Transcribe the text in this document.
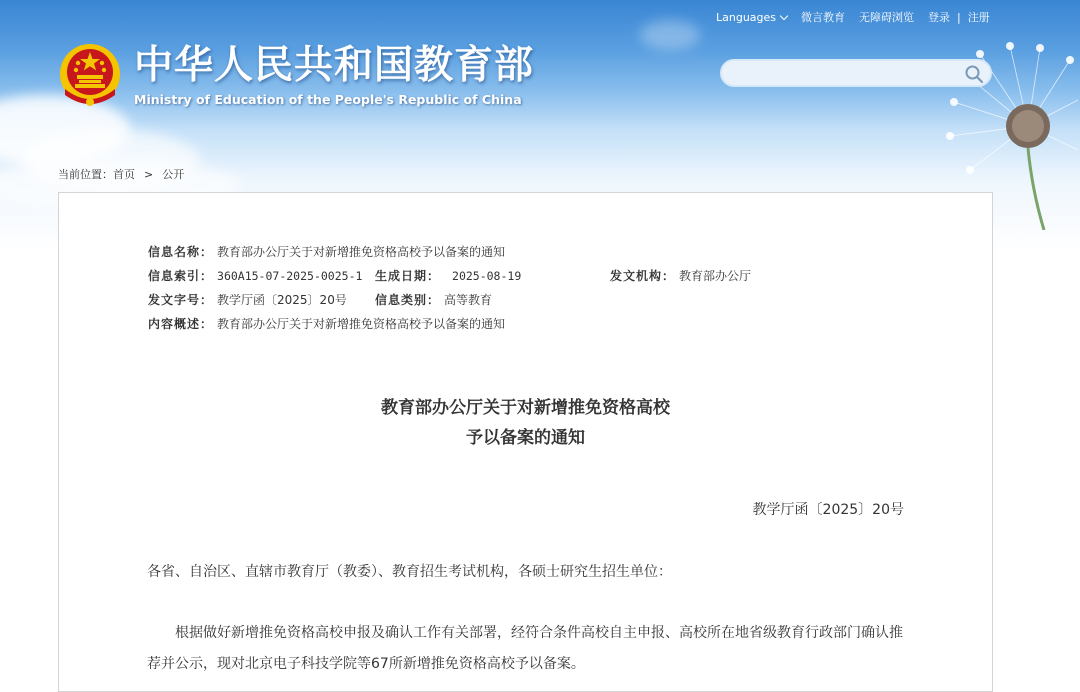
Languages	微言教育 无障碍浏览 登录 | 注册
中华人民共和国教育部
Ministry of Education of the People's Republic of China
当前位置：首页 > 公开
信息名称： 教育部办公厅关于对新增推免资格高校予以备案的通知
信息索引： 360A15-07-2025-0025-1 生成日期： 2025-08-19	发文机构： 教育部办公厅
发文字号： 教学厅函〔2025〕20号 信息类别： 高等教育
内容概述： 教育部办公厅关于对新增推免资格高校予以备案的通知
教育部办公厅关于对新增推免资格高校
予以备案的通知
教学厅函〔2025〕20号
各省、自治区、直辖市教育厅（教委）、教育招生考试机构，各硕士研究生招生单位：
根据做好新增推免资格高校申报及确认工作有关部署，经符合条件高校自主申报、高校所在地省级教育行政部门确认推荐并公示，现对北京电子科技学院等67所新增推免资格高校予以备案。
